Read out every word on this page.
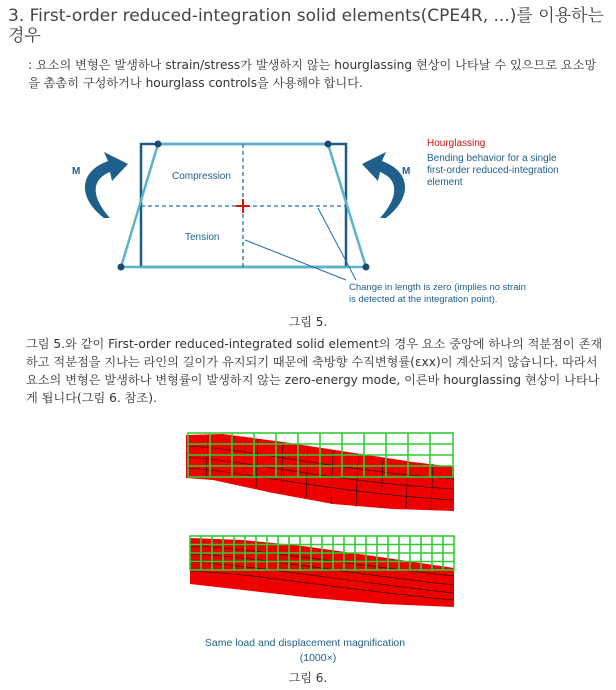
3. First-order reduced-integration solid elements(CPE4R, ...)를 이용하는 경우

: 요소의 변형은 발생하나 strain/stress가 발생하지 않는 hourglassing 현상이 나타날 수 있으므로 요소망을 촘촘히 구성하거나 hourglass controls을 사용해야 합니다.

Compression
Tension
M	M
Hourglassing
Bending behavior for a single
first-order reduced-integration
element
Change in length is zero (implies no strain
is detected at the integration point).
그림 5.

그림 5.와 같이 First-order reduced-integrated solid element의 경우 요소 중앙에 하나의 적분점이 존재하고 적분점을 지나는 라인의 길이가 유지되기 때문에 축방향 수직변형률(εxx)이 계산되지 않습니다. 따라서 요소의 변형은 발생하나 변형률이 발생하지 않는 zero-energy mode, 이른바 hourglassing 현상이 나타나게 됩니다(그림 6. 참조).

Same load and displacement magnification
(1000×)
그림 6.
